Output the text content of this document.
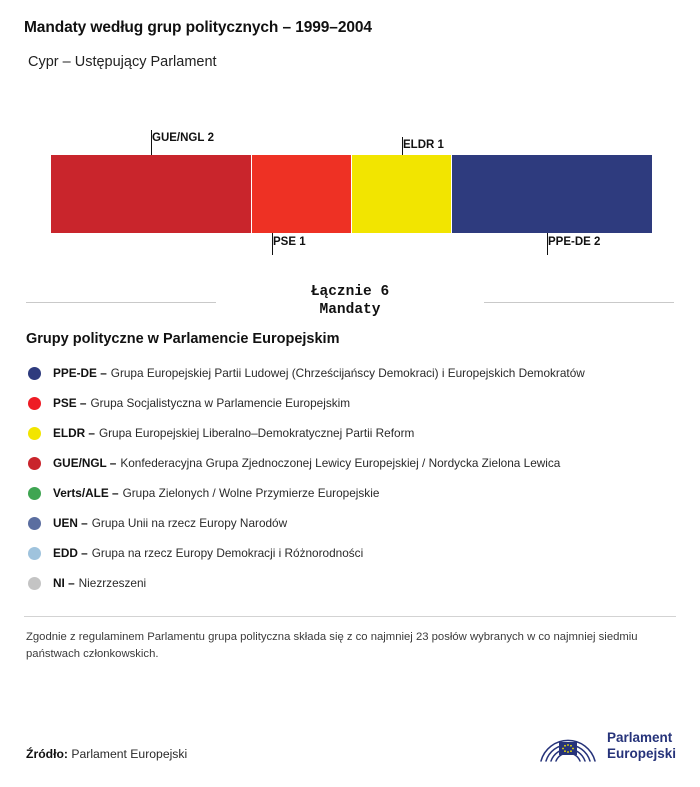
Mandaty według grup politycznych – 1999–2004
Cypr – Ustępujący Parlament
GUE/NGL 2
ELDR 1
PSE 1	PPE-DE 2
Łącznie 6
Mandaty
Grupy polityczne w Parlamencie Europejskim
PPE-DE – Grupa Europejskiej Partii Ludowej (Chrześcijańscy Demokraci) i Europejskich Demokratów
PSE – Grupa Socjalistyczna w Parlamencie Europejskim
ELDR – Grupa Europejskiej Liberalno–Demokratycznej Partii Reform
GUE/NGL – Konfederacyjna Grupa Zjednoczonej Lewicy Europejskiej / Nordycka Zielona Lewica
Verts/ALE – Grupa Zielonych / Wolne Przymierze Europejskie
UEN – Grupa Unii na rzecz Europy Narodów
EDD – Grupa na rzecz Europy Demokracji i Różnorodności
NI – Niezrzeszeni
Zgodnie z regulaminem Parlamentu grupa polityczna składa się z co najmniej 23 posłów wybranych w co najmniej siedmiu państwach członkowskich.
Źródło: Parlament Europejski
Parlament
Europejski
